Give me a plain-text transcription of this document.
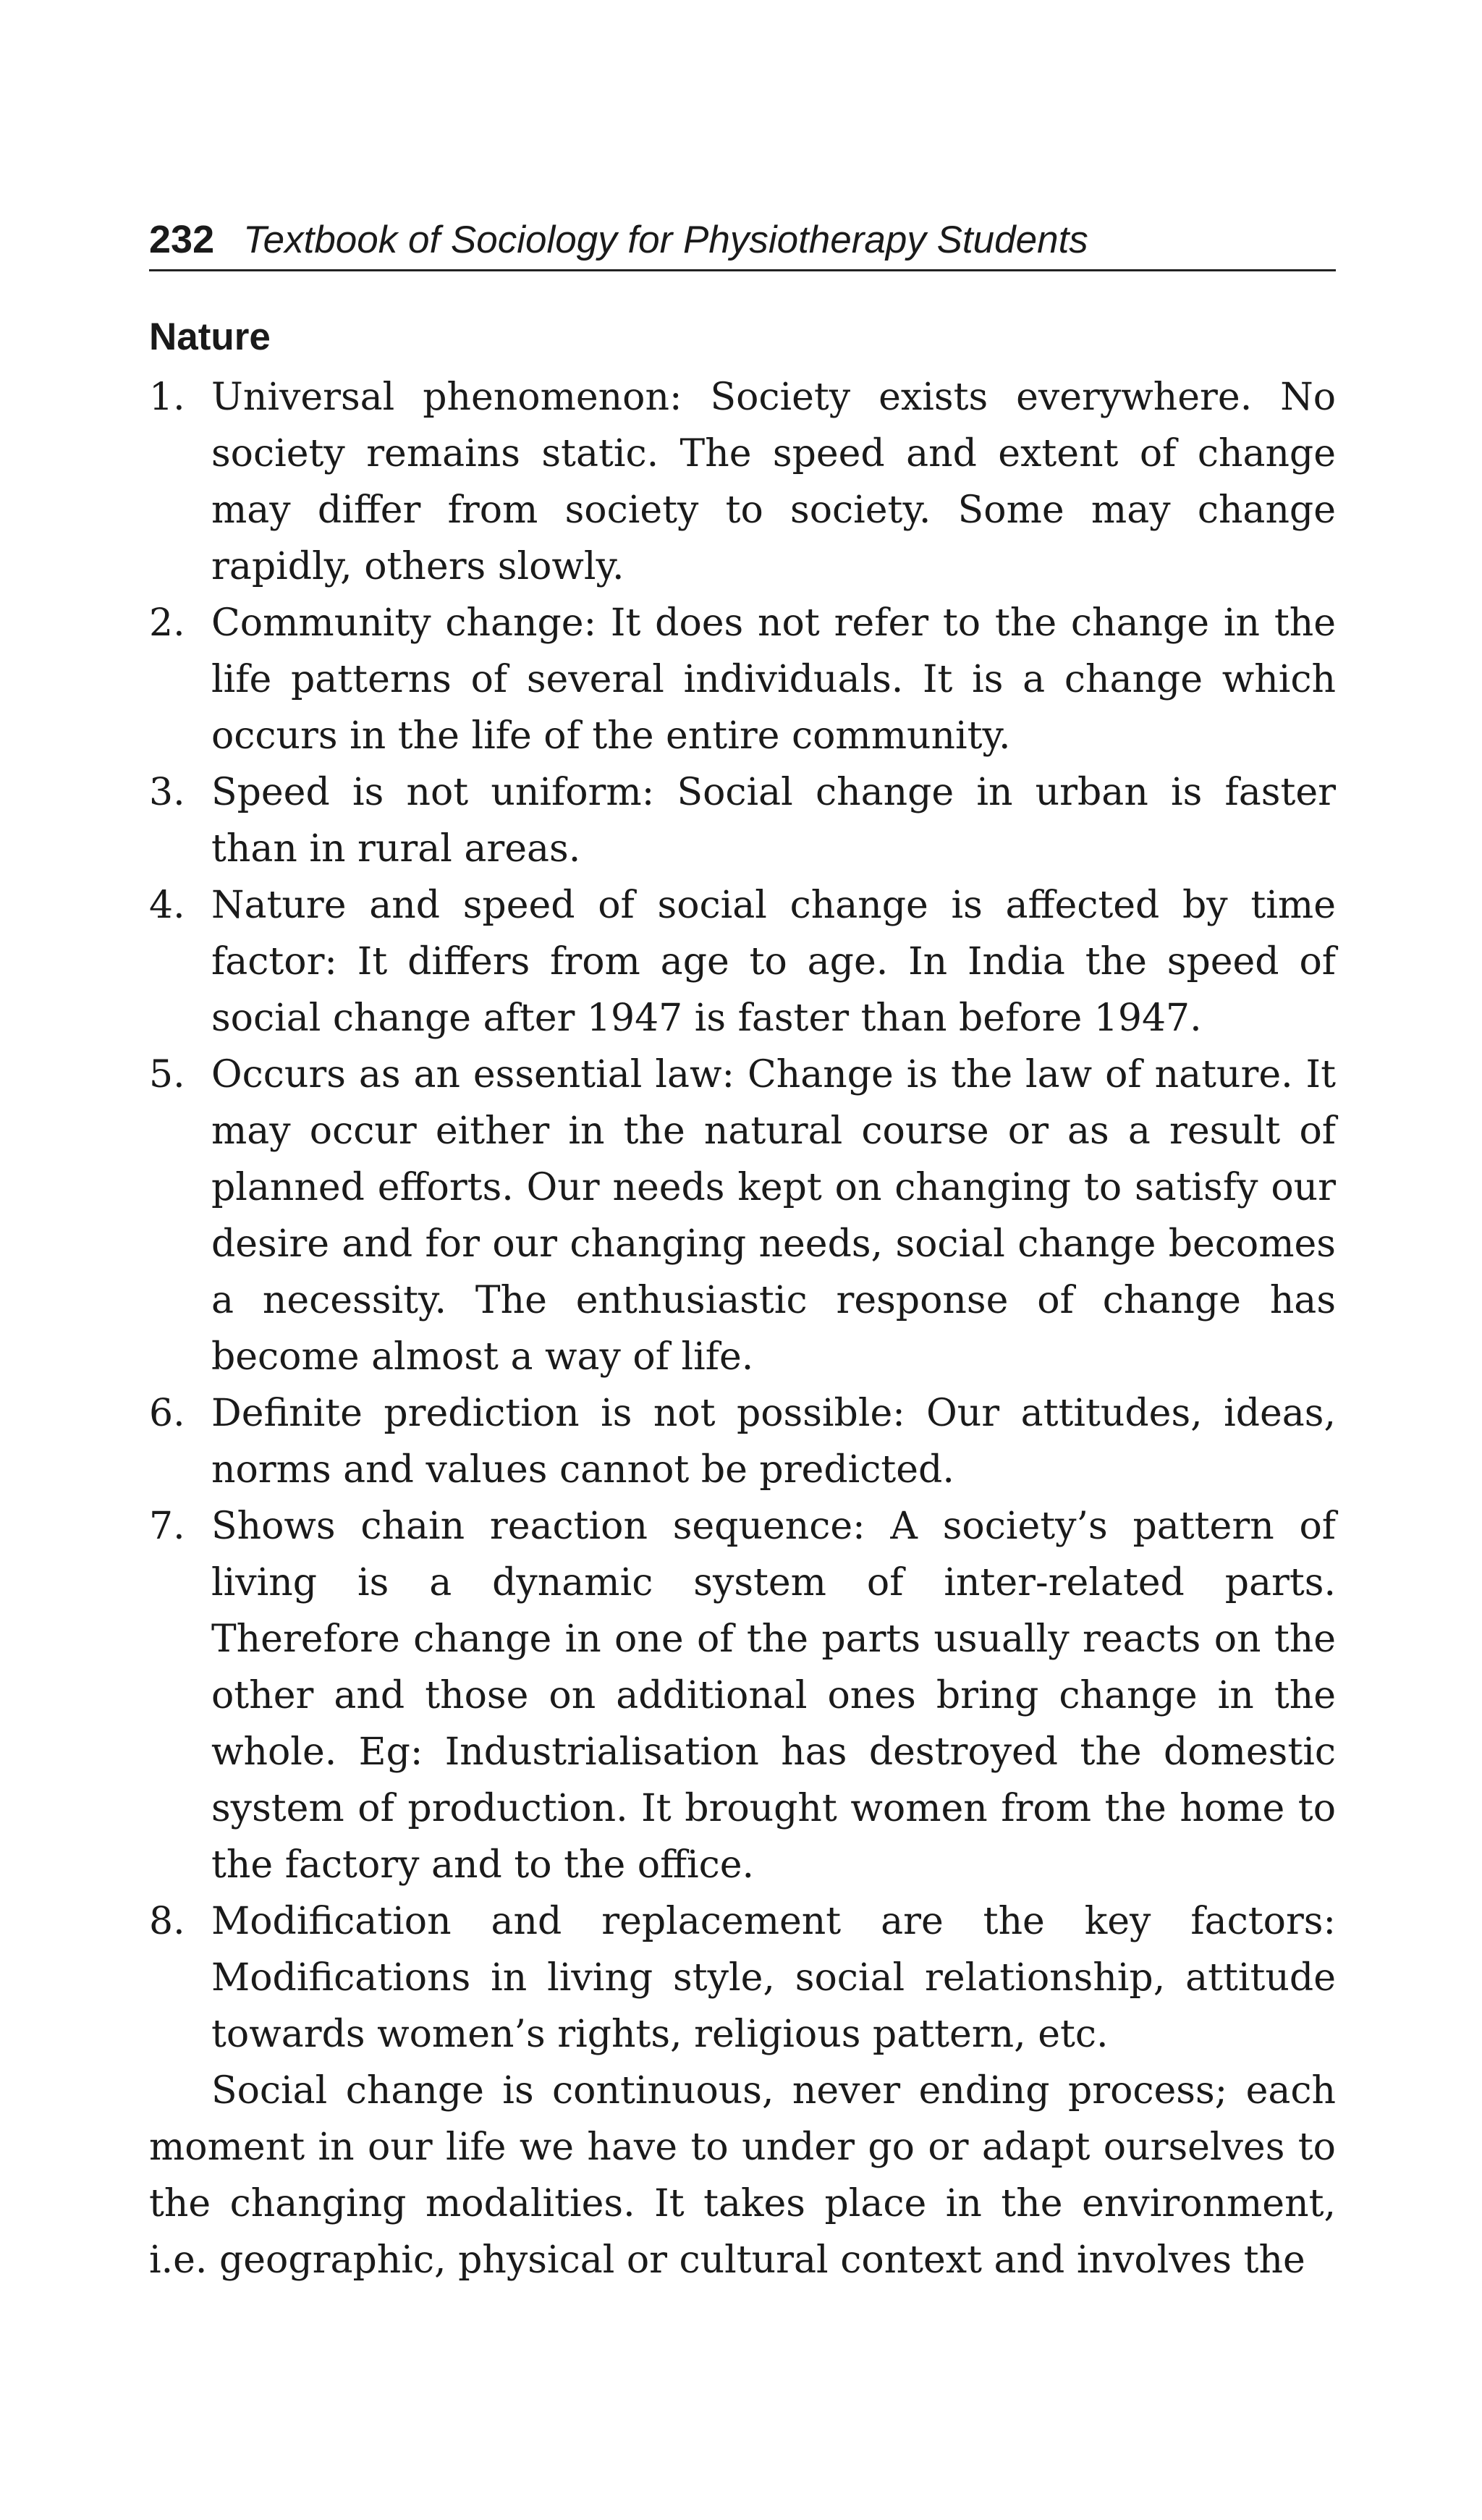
232 Textbook of Sociology for Physiotherapy Students
Nature
1. Universal phenomenon: Society exists everywhere. No society remains static. The speed and extent of change may differ from society to society. Some may change rapidly, others slowly.
2. Community change: It does not refer to the change in the life patterns of several individuals. It is a change which occurs in the life of the entire community.
3. Speed is not uniform: Social change in urban is faster than in rural areas.
4. Nature and speed of social change is affected by time factor: It differs from age to age. In India the speed of social change after 1947 is faster than before 1947.
5. Occurs as an essential law: Change is the law of nature. It may occur either in the natural course or as a result of planned efforts. Our needs kept on changing to satisfy our desire and for our changing needs, social change becomes a necessity. The enthusiastic response of change has become almost a way of life.
6. Definite prediction is not possible: Our attitudes, ideas, norms and values cannot be predicted.
7. Shows chain reaction sequence: A society’s pattern of living is a dynamic system of inter-related parts. Therefore change in one of the parts usually reacts on the other and those on additional ones bring change in the whole. Eg: Industrialisation has destroyed the domestic system of production. It brought women from the home to the factory and to the office.
8. Modification and replacement are the key factors: Modifications in living style, social relationship, attitude towards women’s rights, religious pattern, etc.

Social change is continuous, never ending process; each moment in our life we have to under go or adapt ourselves to the changing modalities. It takes place in the environment, i.e. geographic, physical or cultural context and involves the
